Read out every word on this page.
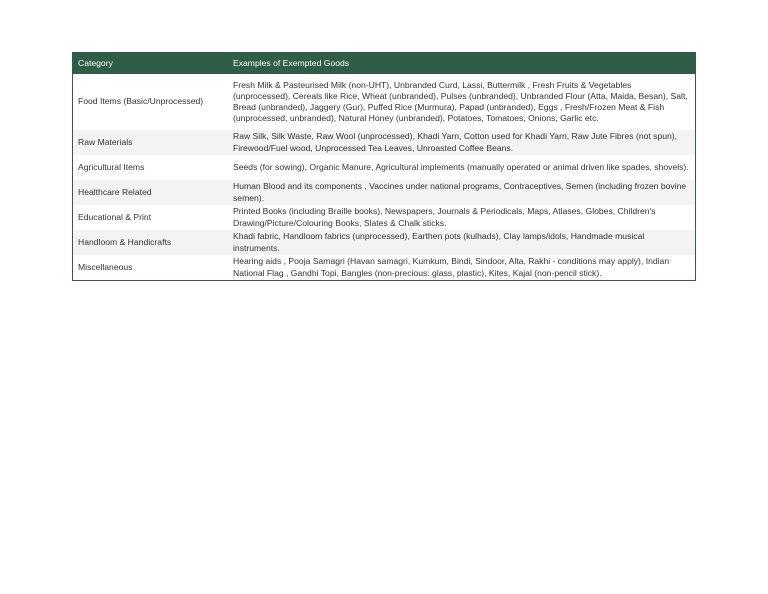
Category	Examples of Exempted Goods
Food Items (Basic/Unprocessed)	Fresh Milk & Pasteurised Milk (non-UHT), Unbranded Curd, Lassi, Buttermilk , Fresh Fruits & Vegetables (unprocessed), Cereals like Rice, Wheat (unbranded), Pulses (unbranded), Unbranded Flour (Atta, Maida, Besan), Salt, Bread (unbranded), Jaggery (Gur), Puffed Rice (Murmura), Papad (unbranded), Eggs , Fresh/Frozen Meat & Fish (unprocessed, unbranded), Natural Honey (unbranded), Potatoes, Tomatoes, Onions, Garlic etc.
Raw Materials	Raw Silk, Silk Waste, Raw Wool (unprocessed), Khadi Yarn, Cotton used for Khadi Yarn, Raw Jute Fibres (not spun), Firewood/Fuel wood, Unprocessed Tea Leaves, Unroasted Coffee Beans.
Agricultural Items	Seeds (for sowing), Organic Manure, Agricultural implements (manually operated or animal driven like spades, shovels).
Healthcare Related	Human Blood and its components , Vaccines under national programs, Contraceptives, Semen (including frozen bovine semen).
Educational & Print	Printed Books (including Braille books), Newspapers, Journals & Periodicals, Maps, Atlases, Globes, Children's Drawing/Picture/Colouring Books, Slates & Chalk sticks.
Handloom & Handicrafts	Khadi fabric, Handloom fabrics (unprocessed), Earthen pots (kulhads), Clay lamps/idols, Handmade musical instruments.
Miscellaneous	Hearing aids , Pooja Samagri (Havan samagri, Kumkum, Bindi, Sindoor, Alta, Rakhi - conditions may apply), Indian National Flag , Gandhi Topi, Bangles (non-precious: glass, plastic), Kites, Kajal (non-pencil stick).
